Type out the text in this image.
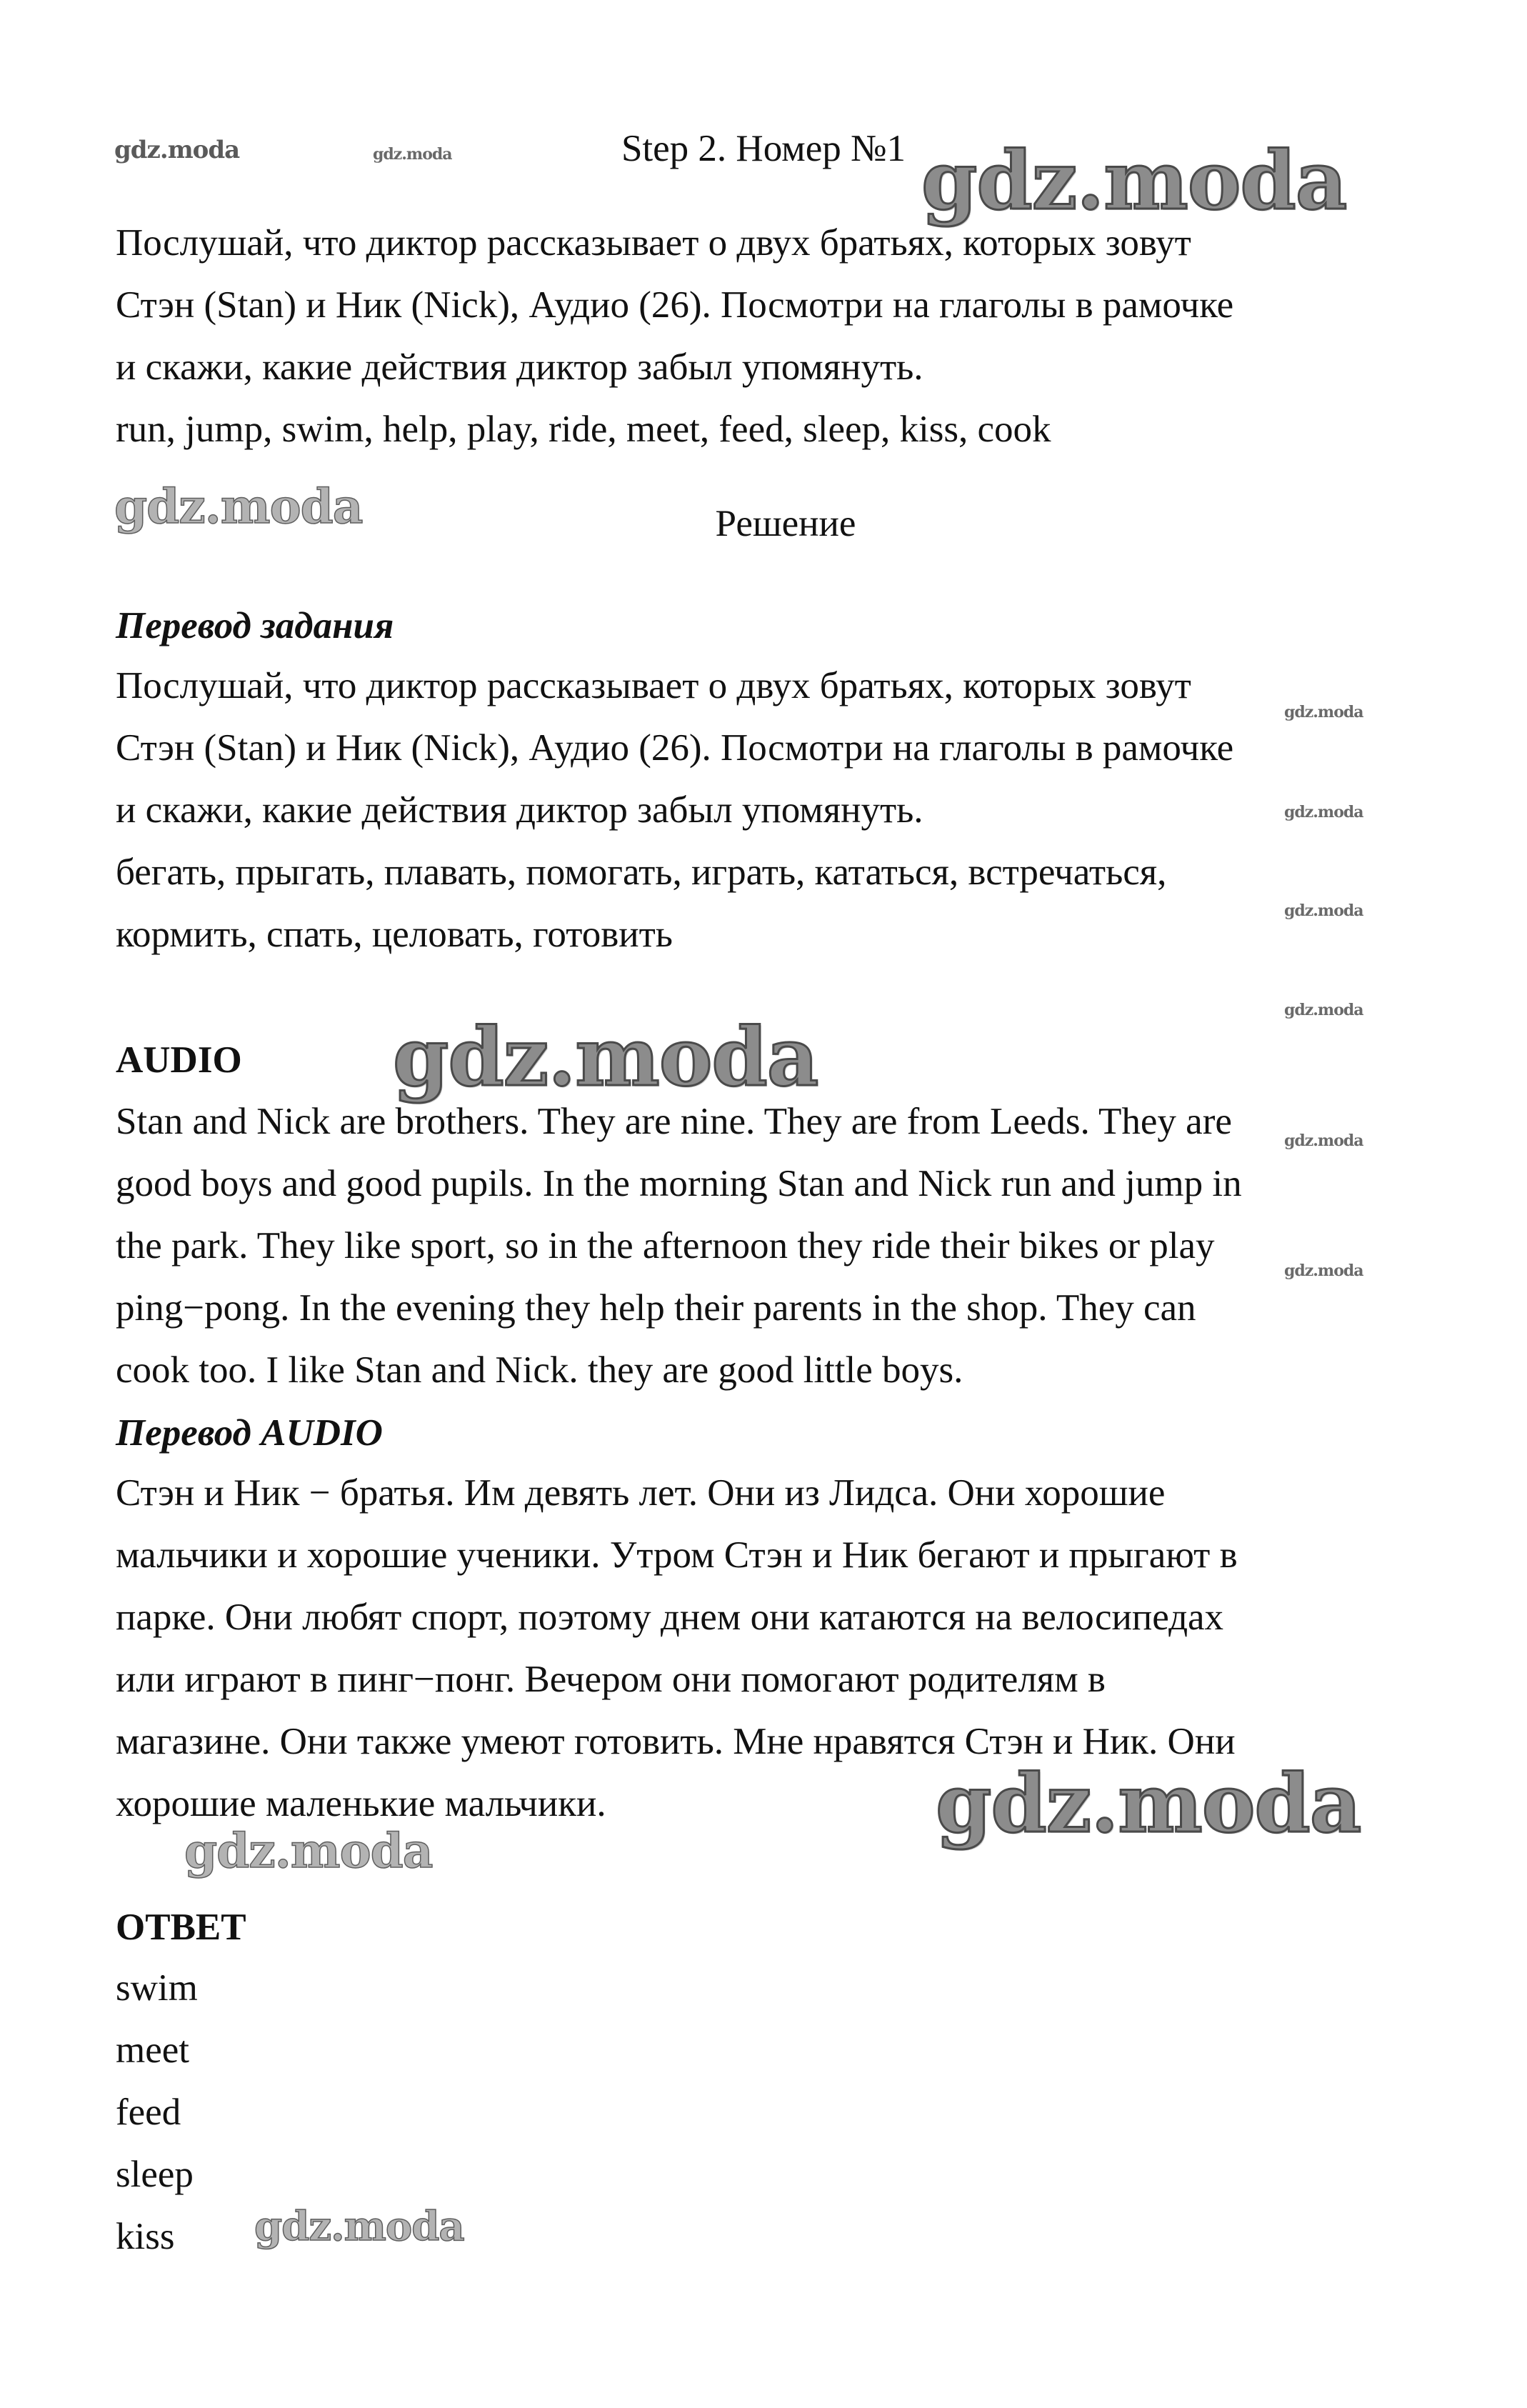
Step 2. Номер №1
Послушай, что диктор рассказывает о двух братьях, которых зовут
Стэн (Stan) и Ник (Nick), Аудио (26). Посмотри на глаголы в рамочке
и скажи, какие действия диктор забыл упомянуть.
run, jump, swim, help, play, ride, meet, feed, sleep, kiss, cook
Решение
Перевод задания
Послушай, что диктор рассказывает о двух братьях, которых зовут
Стэн (Stan) и Ник (Nick), Аудио (26). Посмотри на глаголы в рамочке
и скажи, какие действия диктор забыл упомянуть.
бегать, прыгать, плавать, помогать, играть, кататься, встречаться,
кормить, спать, целовать, готовить
AUDIO
Stan and Nick are brothers. They are nine. They are from Leeds. They are
good boys and good pupils. In the morning Stan and Nick run and jump in
the park. They like sport, so in the afternoon they ride their bikes or play
ping−pong. In the evening they help their parents in the shop. They can
cook too. I like Stan and Nick. they are good little boys.
Перевод AUDIO
Стэн и Ник − братья. Им девять лет. Они из Лидса. Они хорошие
мальчики и хорошие ученики. Утром Стэн и Ник бегают и прыгают в
парке. Они любят спорт, поэтому днем они катаются на велосипедах
или играют в пинг−понг. Вечером они помогают родителям в
магазине. Они также умеют готовить. Мне нравятся Стэн и Ник. Они
хорошие маленькие мальчики.
ОТВЕТ
swim
meet
feed
sleep
kiss
gdz.moda	gdz.moda	gdz.moda
gdz.moda
gdz.moda
gdz.moda
gdz.moda
gdz.moda
gdz.moda
gdz.moda
gdz.moda
gdz.moda
gdz.moda
gdz.moda
